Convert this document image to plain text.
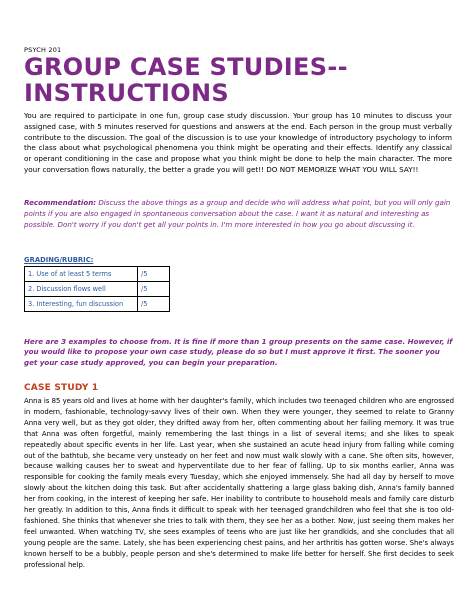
PSYCH 201
GROUP CASE STUDIES--INSTRUCTIONS
You are required to participate in one fun, group case study discussion. Your group has 10 minutes to discuss your assigned case, with 5 minutes reserved for questions and answers at the end. Each person in the group must verbally contribute to the discussion. The goal of the discussion is to use your knowledge of introductory psychology to inform the class about what psychological phenomena you think might be operating and their effects. Identify any classical or operant conditioning in the case and propose what you think might be done to help the main character. The more your conversation flows naturally, the better a grade you will get!! DO NOT MEMORIZE WHAT YOU WILL SAY!!
Recommendation: Discuss the above things as a group and decide who will address what point, but you will only gain points if you are also engaged in spontaneous conversation about the case. I want it as natural and interesting as possible. Don't worry if you don't get all your points in. I'm more interested in how you go about discussing it.
GRADING/RUBRIC:
1. Use of at least 5 terms	/5
2. Discussion flows well	/5
3. Interesting, fun discussion	/5
Here are 3 examples to choose from. It is fine if more than 1 group presents on the same case. However, if you would like to propose your own case study, please do so but I must approve it first. The sooner you get your case study approved, you can begin your preparation.
CASE STUDY 1
Anna is 85 years old and lives at home with her daughter's family, which includes two teenaged children who are engrossed in modern, fashionable, technology-savvy lives of their own. When they were younger, they seemed to relate to Granny Anna very well, but as they got older, they drifted away from her, often commenting about her failing memory. It was true that Anna was often forgetful, mainly remembering the last things in a list of several items; and she likes to speak repeatedly about specific events in her life. Last year, when she sustained an acute head injury from falling while coming out of the bathtub, she became very unsteady on her feet and now must walk slowly with a cane. She often sits, however, because walking causes her to sweat and hyperventilate due to her fear of falling. Up to six months earlier, Anna was responsible for cooking the family meals every Tuesday, which she enjoyed immensely. She had all day by herself to move slowly about the kitchen doing this task. But after accidentally shattering a large glass baking dish, Anna's family banned her from cooking, in the interest of keeping her safe. Her inability to contribute to household meals and family care disturb her greatly. In addition to this, Anna finds it difficult to speak with her teenaged grandchildren who feel that she is too old-fashioned. She thinks that whenever she tries to talk with them, they see her as a bother. Now, just seeing them makes her feel unwanted. When watching TV, she sees examples of teens who are just like her grandkids, and she concludes that all young people are the same. Lately, she has been experiencing chest pains, and her arthritis has gotten worse. She's always known herself to be a bubbly, people person and she's determined to make life better for herself. She first decides to seek professional help.
